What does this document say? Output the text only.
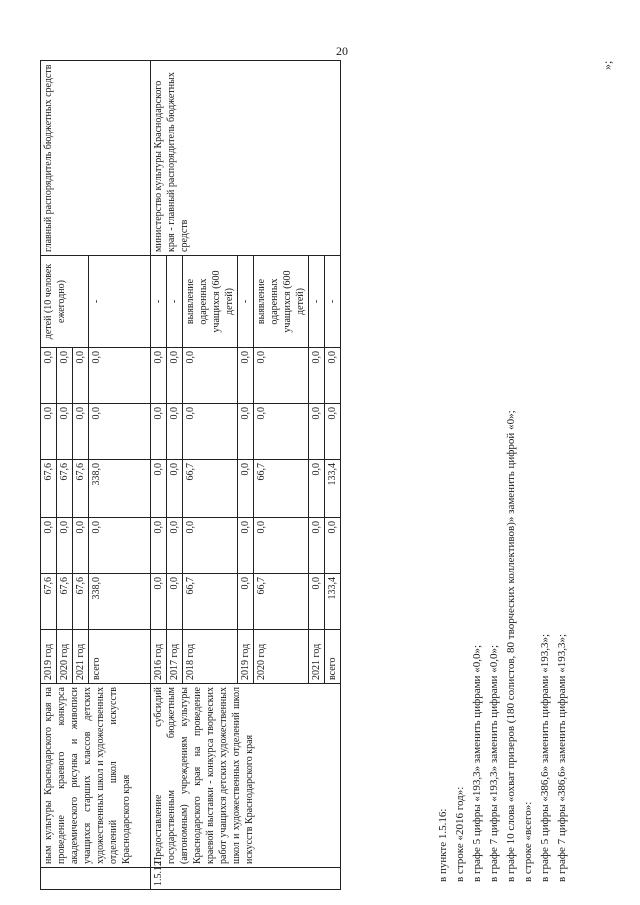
20
»;
	ным культуры Краснодарского края на проведение краевого конкурса академического рисунка и живописи учащихся старших классов детских художественных школ и художественных отделений школ искусств Краснодарского края	2019 год	67,6	0,0	67,6	0,0	0,0	детей (10 человек ежегодно)	главный распорядитель бюджетных средств
		2020 год	67,6	0,0	67,6	0,0	0,0		
		2021 год	67,6	0,0	67,6	0,0	0,0		
		всего	338,0	0,0	338,0	0,0	0,0	-	
1.5.12	Предоставление субсидий государственным бюджетным (автономным) учреждениям культуры Краснодарского края на проведение краевой выставки - конкурса творческих работ учащихся детских художественных школ и художественных отделений школ искусств Краснодарского края	2016 год	0,0	0,0	0,0	0,0	0,0	-	министерство культуры Краснодарского края - главный распорядитель бюджетных средств
		2017 год	0,0	0,0	0,0	0,0	0,0	-	
		2018 год	66,7	0,0	66,7	0,0	0,0	выявление одаренных учащихся (600 детей)	
		2019 год	0,0	0,0	0,0	0,0	0,0	-	
		2020 год	66,7	0,0	66,7	0,0	0,0	выявление одаренных учащихся (600 детей)	
		2021 год	0,0	0,0	0,0	0,0	0,0	-	
		всего	133,4	0,0	133,4	0,0	0,0	-	
в пункте 1.5.16: в строке «2016 год»: в графе 5 цифры «193,3» заменить цифрами «0,0»; в графе 7 цифры «193,3» заменить цифрами «0,0»; в графе 10 слова «охват призеров (180 солистов, 80 творческих коллективов)» заменить цифрой «0»; в строке «всего»: в графе 5 цифры «386,6» заменить цифрами «193,3»; в графе 7 цифры «386,6» заменить цифрами «193,3»;
